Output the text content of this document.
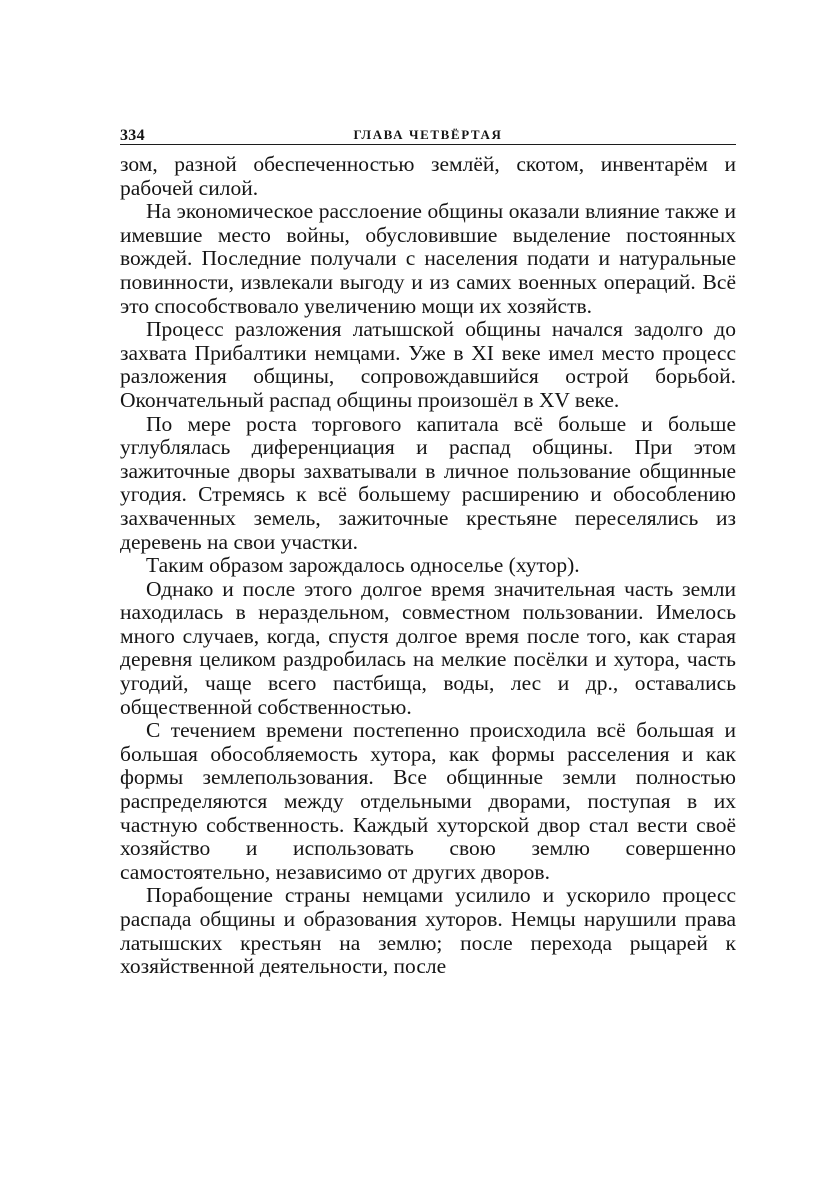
334	ГЛАВА ЧЕТВЁРТАЯ

зом, разной обеспеченностью землёй, скотом, инвентарём и рабочей силой.

На экономическое расслоение общины оказали влияние также и имевшие место войны, обусловившие выделение постоянных вождей. Последние получали с населения подати и натуральные повинности, извлекали выгоду и из самих военных операций. Всё это способствовало увеличению мощи их хозяйств.

Процесс разложения латышской общины начался задолго до захвата Прибалтики немцами. Уже в XI веке имел место процесс разложения общины, сопровождавшийся острой борьбой. Окончательный распад общины произошёл в XV веке.

По мере роста торгового капитала всё больше и больше углублялась диференциация и распад общины. При этом зажиточные дворы захватывали в личное пользование общинные угодия. Стремясь к всё большему расширению и обособлению захваченных земель, зажиточные крестьяне переселялись из деревень на свои участки.

Таким образом зарождалось односелье (хутор).

Однако и после этого долгое время значительная часть земли находилась в нераздельном, совместном пользовании. Имелось много случаев, когда, спустя долгое время после того, как старая деревня целиком раздробилась на мелкие посёлки и хутора, часть угодий, чаще всего пастбища, воды, лес и др., оставались общественной собственностью.

С течением времени постепенно происходила всё большая и большая обособляемость хутора, как формы расселения и как формы землепользования. Все общинные земли полностью распределяются между отдельными дворами, поступая в их частную собственность. Каждый хуторской двор стал вести своё хозяйство и использовать свою землю совершенно самостоятельно, независимо от других дворов.

Порабощение страны немцами усилило и ускорило процесс распада общины и образования хуторов. Немцы нарушили права латышских крестьян на землю; после перехода рыцарей к хозяйственной деятельности, после
